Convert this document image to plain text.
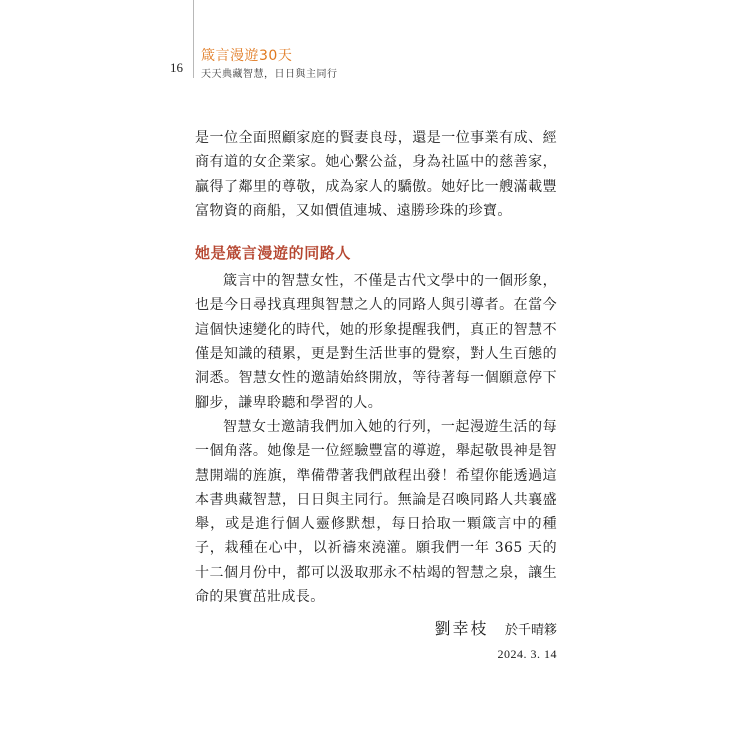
16
箴言漫遊30天
天天典藏智慧，日日與主同行

是一位全面照顧家庭的賢妻良母，還是一位事業有成、經商有道的女企業家。她心繫公益，身為社區中的慈善家，贏得了鄰里的尊敬，成為家人的驕傲。她好比一艘滿載豐富物資的商船，又如價值連城、遠勝珍珠的珍寶。

她是箴言漫遊的同路人

箴言中的智慧女性，不僅是古代文學中的一個形象，也是今日尋找真理與智慧之人的同路人與引導者。在當今這個快速變化的時代，她的形象提醒我們，真正的智慧不僅是知識的積累，更是對生活世事的覺察，對人生百態的洞悉。智慧女性的邀請始終開放，等待著每一個願意停下腳步，謙卑聆聽和學習的人。

智慧女士邀請我們加入她的行列，一起漫遊生活的每一個角落。她像是一位經驗豐富的導遊，舉起敬畏神是智慧開端的旌旗，準備帶著我們啟程出發！希望你能透過這本書典藏智慧，日日與主同行。無論是召喚同路人共襄盛舉，或是進行個人靈修默想，每日拾取一顆箴言中的種子，栽種在心中，以祈禱來澆灌。願我們一年 365 天的十二個月份中，都可以汲取那永不枯竭的智慧之泉，讓生命的果實茁壯成長。

劉幸枝 於千晴簃
2024. 3. 14
